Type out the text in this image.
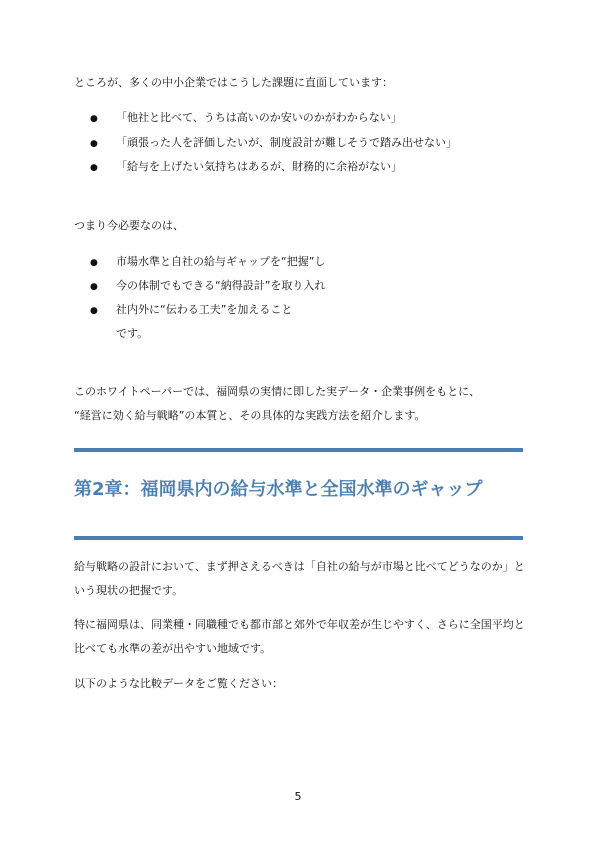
ところが、多くの中小企業ではこうした課題に直面しています：
● 「他社と比べて、うちは高いのか安いのかがわからない」
● 「頑張った人を評価したいが、制度設計が難しそうで踏み出せない」
● 「給与を上げたい気持ちはあるが、財務的に余裕がない」
つまり今必要なのは、
● 市場水準と自社の給与ギャップを“把握”し
● 今の体制でもできる“納得設計”を取り入れ
● 社内外に“伝わる工夫”を加えること
です。
このホワイトペーパーでは、福岡県の実情に即した実データ・企業事例をもとに、
“経営に効く給与戦略”の本質と、その具体的な実践方法を紹介します。
第2章：福岡県内の給与水準と全国水準のギャップ
給与戦略の設計において、まず押さえるべきは「自社の給与が市場と比べてどうなのか」と
いう現状の把握です。
特に福岡県は、同業種・同職種でも都市部と郊外で年収差が生じやすく、さらに全国平均と
比べても水準の差が出やすい地域です。
以下のような比較データをご覧ください：
5
